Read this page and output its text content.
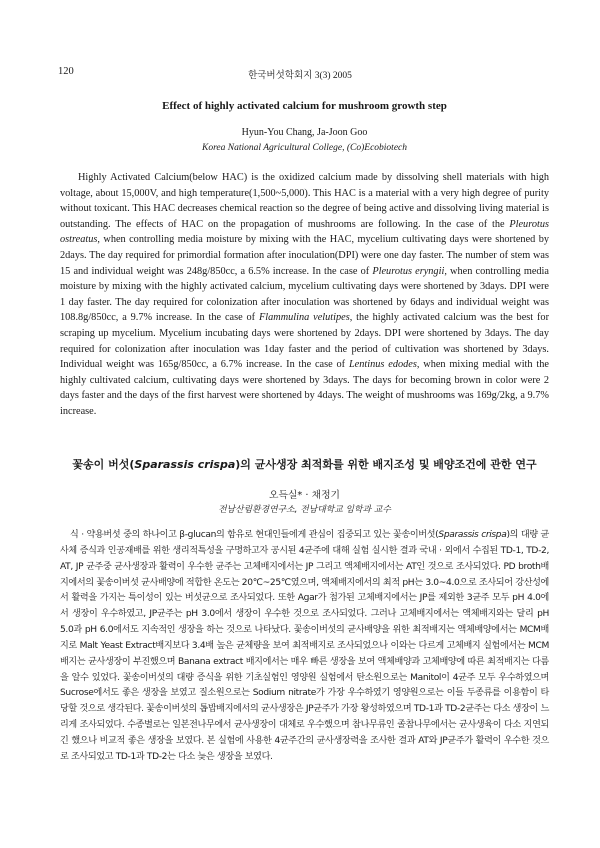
120	한국버섯학회지 3(3) 2005
Effect of highly activated calcium for mushroom growth step
Hyun-You Chang, Ja-Joon Goo
Korea National Agricultural College, (Co)Ecobiotech

Highly Activated Calcium(below HAC) is the oxidized calcium made by dissolving shell materials with high voltage, about 15,000V, and high temperature(1,500~5,000). This HAC is a material with a very high degree of purity without toxicant. This HAC decreases chemical reaction so the degree of being active and dissolving living material is outstanding. The effects of HAC on the propagation of mushrooms are following. In the case of the Pleurotus ostreatus, when controlling media moisture by mixing with the HAC, mycelium cultivating days were shortened by 2days. The day required for primordial formation after inoculation(DPI) were one day faster. The number of stem was 15 and individual weight was 248g/850cc, a 6.5% increase. In the case of Pleurotus eryngii, when controlling media moisture by mixing with the highly activated calcium, mycelium cultivating days were shortened by 3days. DPI were 1 day faster. The day required for colonization after inoculation was shortened by 6days and individual weight was 108.8g/850cc, a 9.7% increase. In the case of Flammulina velutipes, the highly activated calcium was the best for scraping up mycelium. Mycelium incubating days were shortened by 2days. DPI were shortened by 3days. The day required for colonization after inoculation was 1day faster and the period of cultivation was shortened by 3days. Individual weight was 165g/850cc, a 6.7% increase. In the case of Lentinus edodes, when mixing medial with the highly cultivated calcium, cultivating days were shortened by 3days. The days for becoming brown in color were 2 days faster and the days of the first harvest were shortened by 4days. The weight of mushrooms was 169g/2kg, a 9.7% increase.

꽃송이 버섯(Sparassis crispa)의 균사생장 최적화를 위한 배지조성 및 배양조건에 관한 연구
오득실* · 채정기
전남산림환경연구소, 전남대학교 임학과 교수

식 · 약용버섯 중의 하나이고 β-glucan의 함유로 현대인들에게 관심이 집중되고 있는 꽃송이버섯(Sparassis crispa)의 대량 균사체 증식과 인공재배를 위한 생리적특성을 구명하고자 공시된 4균주에 대해 실험 실시한 결과 국내 · 외에서 수집된 TD-1, TD-2, AT, JP 균주중 균사생장과 활력이 우수한 균주는 고체배지에서는 JP 그리고 액체배지에서는 AT인 것으로 조사되었다. PD broth배지에서의 꽃송이버섯 균사배양에 적합한 온도는 20℃~25℃였으며, 액체배지에서의 최적 pH는 3.0~4.0으로 조사되어 강산성에서 활력을 가지는 특이성이 있는 버섯균으로 조사되었다. 또한 Agar가 첨가된 고체배지에서는 JP를 제외한 3균주 모두 pH 4.0에서 생장이 우수하였고, JP균주는 pH 3.0에서 생장이 우수한 것으로 조사되었다. 그러나 고체배지에서는 액체배지와는 달리 pH 5.0과 pH 6.0에서도 지속적인 생장을 하는 것으로 나타났다. 꽃송이버섯의 균사배양을 위한 최적배지는 액체배양에서는 MCM배지로 Malt Yeast Extract배지보다 3.4배 높은 균체량을 보여 최적배지로 조사되었으나 이와는 다르게 고체배지 실험에서는 MCM배지는 균사생장이 부진했으며 Banana extract 배지에서는 매우 빠른 생장을 보여 액체배양과 고체배양에 따른 최적배지는 다름을 알수 있었다. 꽃송이버섯의 대량 증식을 위한 기초실험인 영양원 실험에서 탄소원으로는 Manitol이 4균주 모두 우수하였으며 Sucrose에서도 좋은 생장을 보였고 질소원으로는 Sodium nitrate가 가장 우수하였기 영양원으로는 이들 두종류를 이용함이 타당할 것으로 생각된다. 꽃송이버섯의 톱밥배지에서의 균사생장은 JP균주가 가장 왕성하였으며 TD-1과 TD-2균주는 다소 생장이 느리게 조사되었다. 수종별로는 일본전나무에서 균사생장이 대체로 우수했으며 참나무류인 졸참나무에서는 균사생육이 다소 지연되긴 했으나 비교적 좋은 생장을 보였다. 본 실험에 사용한 4균주간의 균사생장력을 조사한 결과 AT와 JP균주가 활력이 우수한 것으로 조사되었고 TD-1과 TD-2는 다소 늦은 생장을 보였다.
